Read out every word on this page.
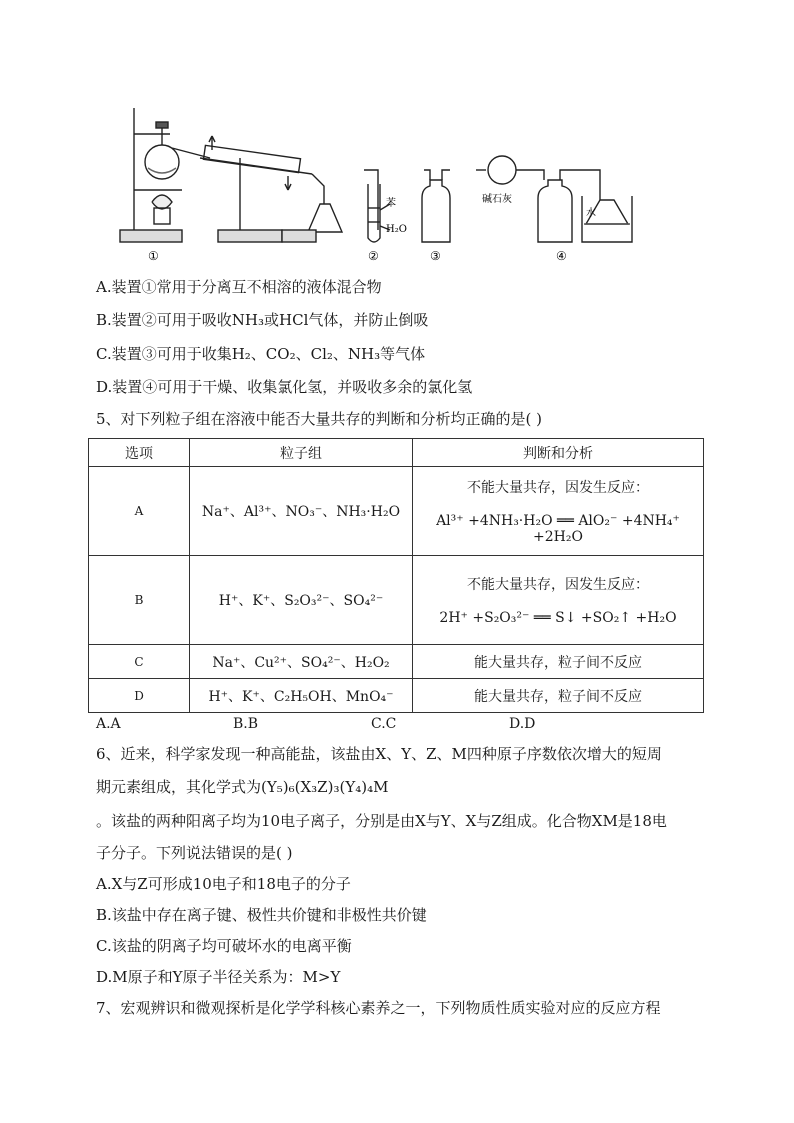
①	②	③	④
苯
H₂O
碱石灰
水
A.装置①常用于分离互不相溶的液体混合物
B.装置②可用于吸收NH₃或HCl气体，并防止倒吸
C.装置③可用于收集H₂、CO₂、Cl₂、NH₃等气体
D.装置④可用于干燥、收集氯化氢，并吸收多余的氯化氢
5、对下列粒子组在溶液中能否大量共存的判断和分析均正确的是( )
选项	粒子组	判断和分析
A	Na⁺、Al³⁺、NO₃⁻、NH₃·H₂O	不能大量共存，因发生反应：
Al³⁺ +4NH₃·H₂O ══ AlO₂⁻ +4NH₄⁺ +2H₂O

B	H⁺、K⁺、S₂O₃²⁻、SO₄²⁻	不能大量共存，因发生反应：
2H⁺ +S₂O₃²⁻ ══ S↓ +SO₂↑ +H₂O

C	Na⁺、Cu²⁺、SO₄²⁻、H₂O₂	能大量共存，粒子间不反应
D	H⁺、K⁺、C₂H₅OH、MnO₄⁻	能大量共存，粒子间不反应
A.A	B.B	C.C	D.D
6、近来，科学家发现一种高能盐，该盐由X、Y、Z、M四种原子序数依次增大的短周
期元素组成，其化学式为(Y₅)₆(X₃Z)₃(Y₄)₄M
。该盐的两种阳离子均为10电子离子，分别是由X与Y、X与Z组成。化合物XM是18电
子分子。下列说法错误的是( )
A.X与Z可形成10电子和18电子的分子
B.该盐中存在离子键、极性共价键和非极性共价键
C.该盐的阴离子均可破坏水的电离平衡
D.M原子和Y原子半径关系为：M>Y
7、宏观辨识和微观探析是化学学科核心素养之一，下列物质性质实验对应的反应方程
